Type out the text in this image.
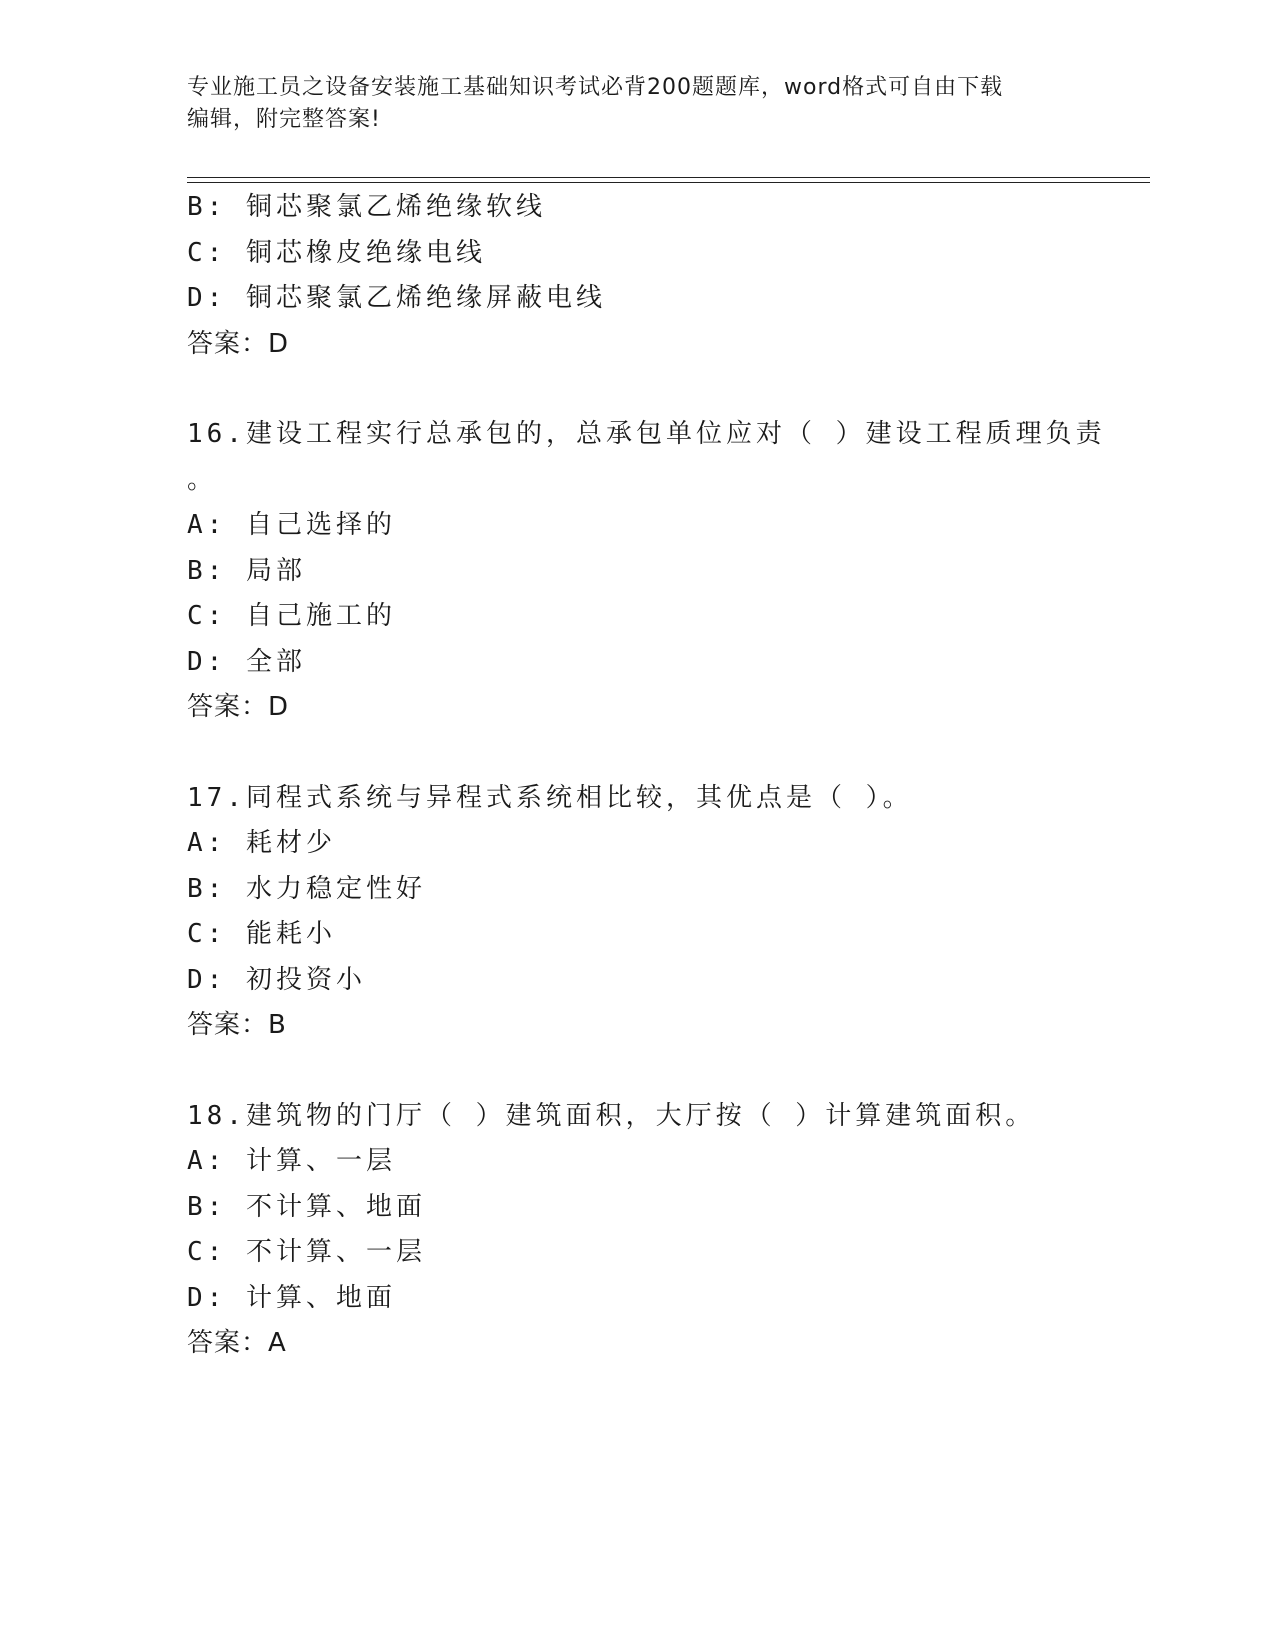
专业施工员之设备安装施工基础知识考试必背200题题库，word格式可自由下载
编辑，附完整答案!
B: 铜芯聚氯乙烯绝缘软线
C: 铜芯橡皮绝缘电线
D: 铜芯聚氯乙烯绝缘屏蔽电线
答案：D
16.建设工程实行总承包的，总承包单位应对（ ）建设工程质理负责
。
A: 自己选择的
B: 局部
C: 自己施工的
D: 全部
答案：D
17.同程式系统与异程式系统相比较，其优点是（ ）。
A: 耗材少
B: 水力稳定性好
C: 能耗小
D: 初投资小
答案：B
18.建筑物的门厅（ ）建筑面积，大厅按（ ）计算建筑面积。
A: 计算、一层
B: 不计算、地面
C: 不计算、一层
D: 计算、地面
答案：A
